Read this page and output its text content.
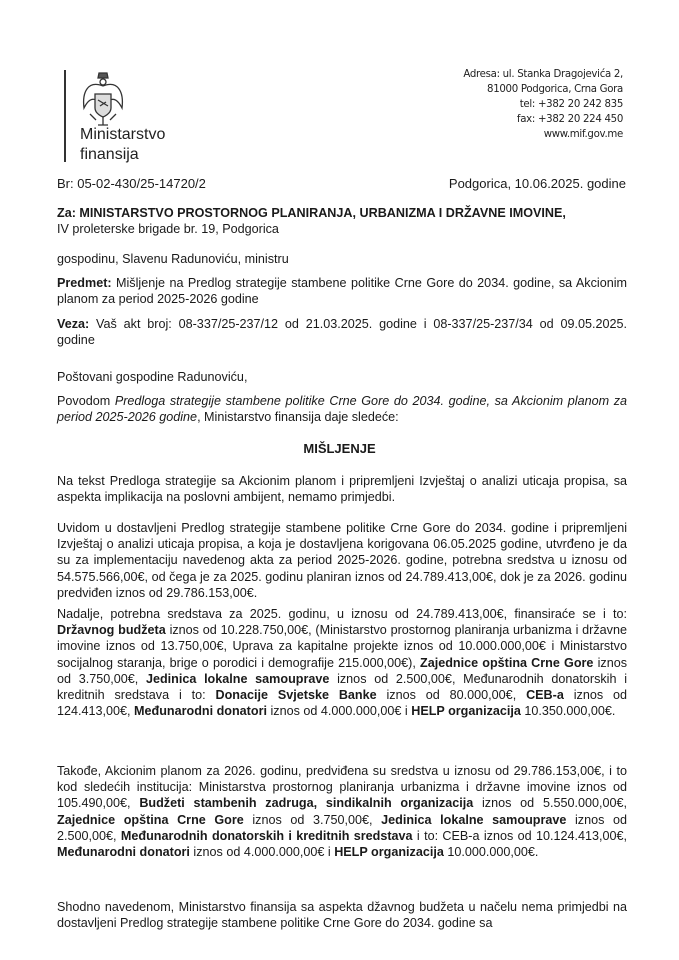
Ministarstvo
finansija
Adresa: ul. Stanka Dragojevića 2,
81000 Podgorica, Crna Gora
tel: +382 20 242 835
fax: +382 20 224 450
www.mif.gov.me
Br: 05-02-430/25-14720/2	Podgorica, 10.06.2025. godine
Za: MINISTARSTVO PROSTORNOG PLANIRANJA, URBANIZMA I DRŽAVNE IMOVINE,
IV proleterske brigade br. 19, Podgorica
gospodinu, Slavenu Radunoviću, ministru
Predmet: Mišljenje na Predlog strategije stambene politike Crne Gore do 2034. godine, sa Akcionim planom za period 2025-2026 godine
Veza: Vaš akt broj: 08-337/25-237/12 od 21.03.2025. godine i 08-337/25-237/34 od 09.05.2025. godine
Poštovani gospodine Radunoviću,
Povodom Predloga strategije stambene politike Crne Gore do 2034. godine, sa Akcionim planom za period 2025-2026 godine, Ministarstvo finansija daje sledeće:
MIŠLJENJE
Na tekst Predloga strategije sa Akcionim planom i pripremljeni Izvještaj o analizi uticaja propisa, sa aspekta implikacija na poslovni ambijent, nemamo primjedbi.
Uvidom u dostavljeni Predlog strategije stambene politike Crne Gore do 2034. godine i pripremljeni Izvještaj o analizi uticaja propisa, a koja je dostavljena korigovana 06.05.2025 godine, utvrđeno je da su za implementaciju navedenog akta za period 2025-2026. godine, potrebna sredstva u iznosu od 54.575.566,00€, od čega je za 2025. godinu planiran iznos od 24.789.413,00€, dok je za 2026. godinu predviđen iznos od 29.786.153,00€.
Nadalje, potrebna sredstava za 2025. godinu, u iznosu od 24.789.413,00€, finansiraće se i to: Državnog budžeta iznos od 10.228.750,00€, (Ministarstvo prostornog planiranja urbanizma i državne imovine iznos od 13.750,00€, Uprava za kapitalne projekte iznos od 10.000.000,00€ i Ministarstvo socijalnog staranja, brige o porodici i demografije 215.000,00€), Zajednice opština Crne Gore iznos od 3.750,00€, Jedinica lokalne samouprave iznos od 2.500,00€, Međunarodnih donatorskih i kreditnih sredstava i to: Donacije Svjetske Banke iznos od 80.000,00€, CEB-a iznos od 124.413,00€, Međunarodni donatori iznos od 4.000.000,00€ i HELP organizacija 10.350.000,00€.
Takođe, Akcionim planom za 2026. godinu, predviđena su sredstva u iznosu od 29.786.153,00€, i to kod sledećih institucija: Ministarstva prostornog planiranja urbanizma i državne imovine iznos od 105.490,00€, Budžeti stambenih zadruga, sindikalnih organizacija iznos od 5.550.000,00€, Zajednice opština Crne Gore iznos od 3.750,00€, Jedinica lokalne samouprave iznos od 2.500,00€, Međunarodnih donatorskih i kreditnih sredstava i to: CEB-a iznos od 10.124.413,00€, Međunarodni donatori iznos od 4.000.000,00€ i HELP organizacija 10.000.000,00€.
Shodno navedenom, Ministarstvo finansija sa aspekta džavnog budžeta u načelu nema primjedbi na dostavljeni Predlog strategije stambene politike Crne Gore do 2034. godine sa
